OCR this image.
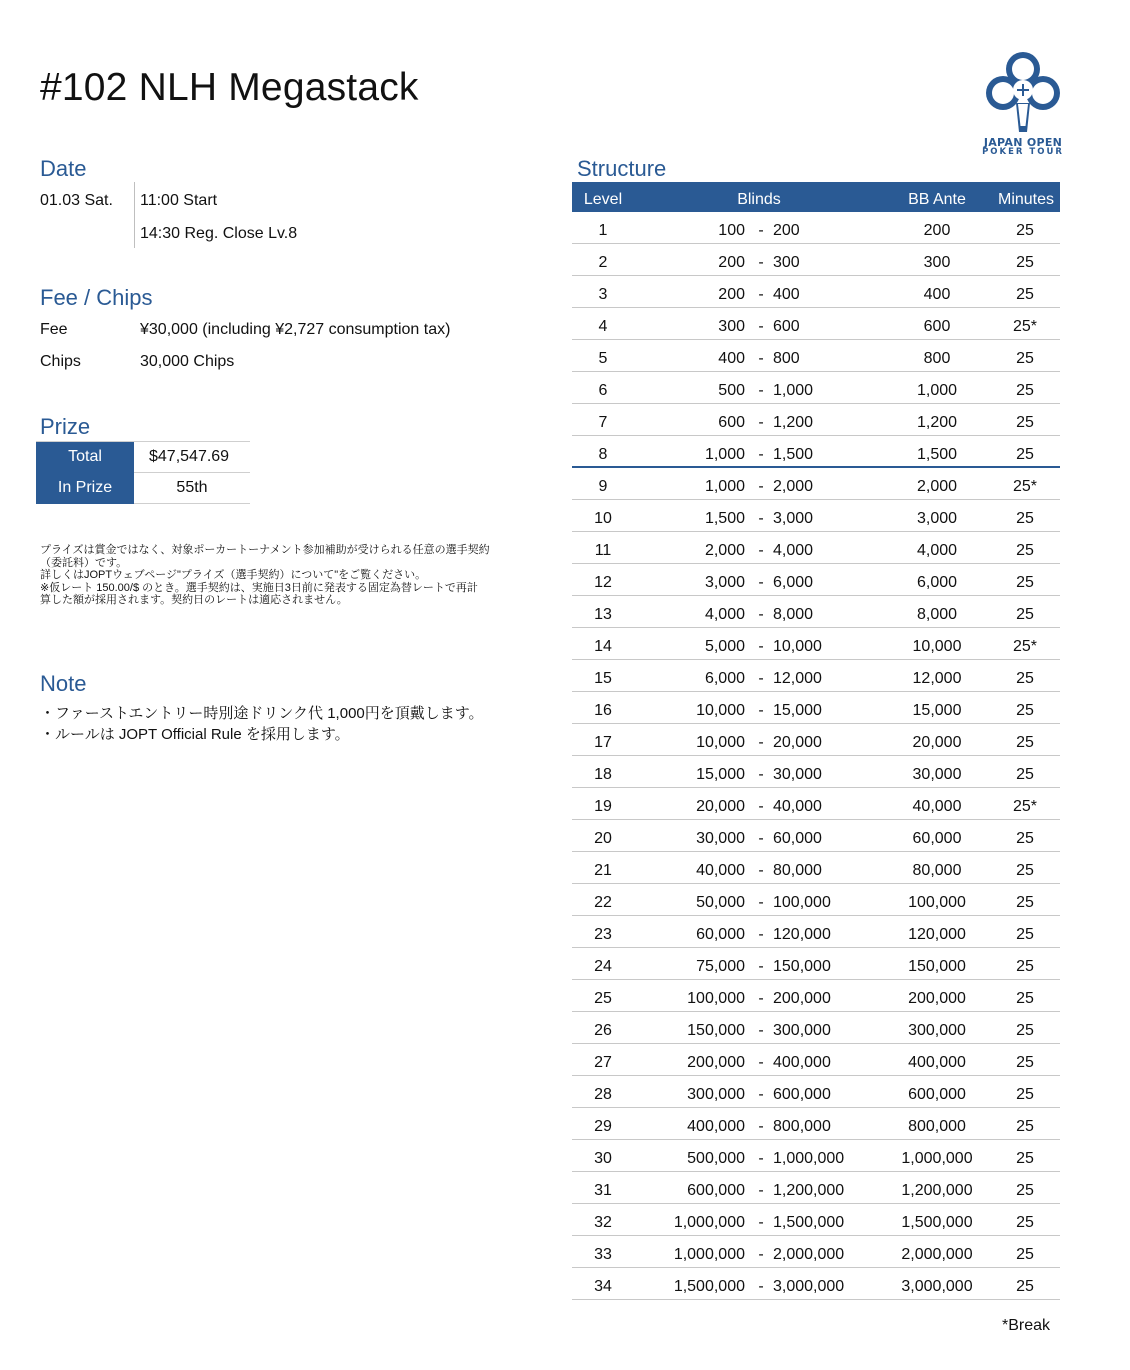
#102 NLH Megastack
JAPAN OPEN
POKER TOUR
Date
01.03 Sat. 11:00 Start
14:30 Reg. Close Lv.8
Fee / Chips
Fee	¥30,000 (including ¥2,727 consumption tax)
Chips	30,000 Chips
Prize
Total	$47,547.69
In Prize	55th
プライズは賞金ではなく、対象ポーカートーナメント参加補助が受けられる任意の選手契約
（委託料）です。
詳しくはJOPTウェブページ"プライズ（選手契約）について"をご覧ください。
※仮レート 150.00/$ のとき。選手契約は、実施日3日前に発表する固定為替レートで再計
算した額が採用されます。契約日のレートは適応されません。
Note
・ファーストエントリー時別途ドリンク代 1,000円を頂戴します。
・ルールは JOPT Official Rule を採用します。
Structure
Level	Blinds	BB Ante	Minutes
1	100 - 200	200	25
2	200 - 300	300	25
3	200 - 400	400	25
4	300 - 600	600	25*
5	400 - 800	800	25
6	500 - 1,000	1,000	25
7	600 - 1,200	1,200	25
8	1,000 - 1,500	1,500	25
9	1,000 - 2,000	2,000	25*
10	1,500 - 3,000	3,000	25
11	2,000 - 4,000	4,000	25
12	3,000 - 6,000	6,000	25
13	4,000 - 8,000	8,000	25
14	5,000 - 10,000	10,000	25*
15	6,000 - 12,000	12,000	25
16	10,000 - 15,000	15,000	25
17	10,000 - 20,000	20,000	25
18	15,000 - 30,000	30,000	25
19	20,000 - 40,000	40,000	25*
20	30,000 - 60,000	60,000	25
21	40,000 - 80,000	80,000	25
22	50,000 - 100,000	100,000	25
23	60,000 - 120,000	120,000	25
24	75,000 - 150,000	150,000	25
25	100,000 - 200,000	200,000	25
26	150,000 - 300,000	300,000	25
27	200,000 - 400,000	400,000	25
28	300,000 - 600,000	600,000	25
29	400,000 - 800,000	800,000	25
30	500,000 - 1,000,000	1,000,000	25
31	600,000 - 1,200,000	1,200,000	25
32	1,000,000 - 1,500,000	1,500,000	25
33	1,000,000 - 2,000,000	2,000,000	25
34	1,500,000 - 3,000,000	3,000,000	25
*Break
